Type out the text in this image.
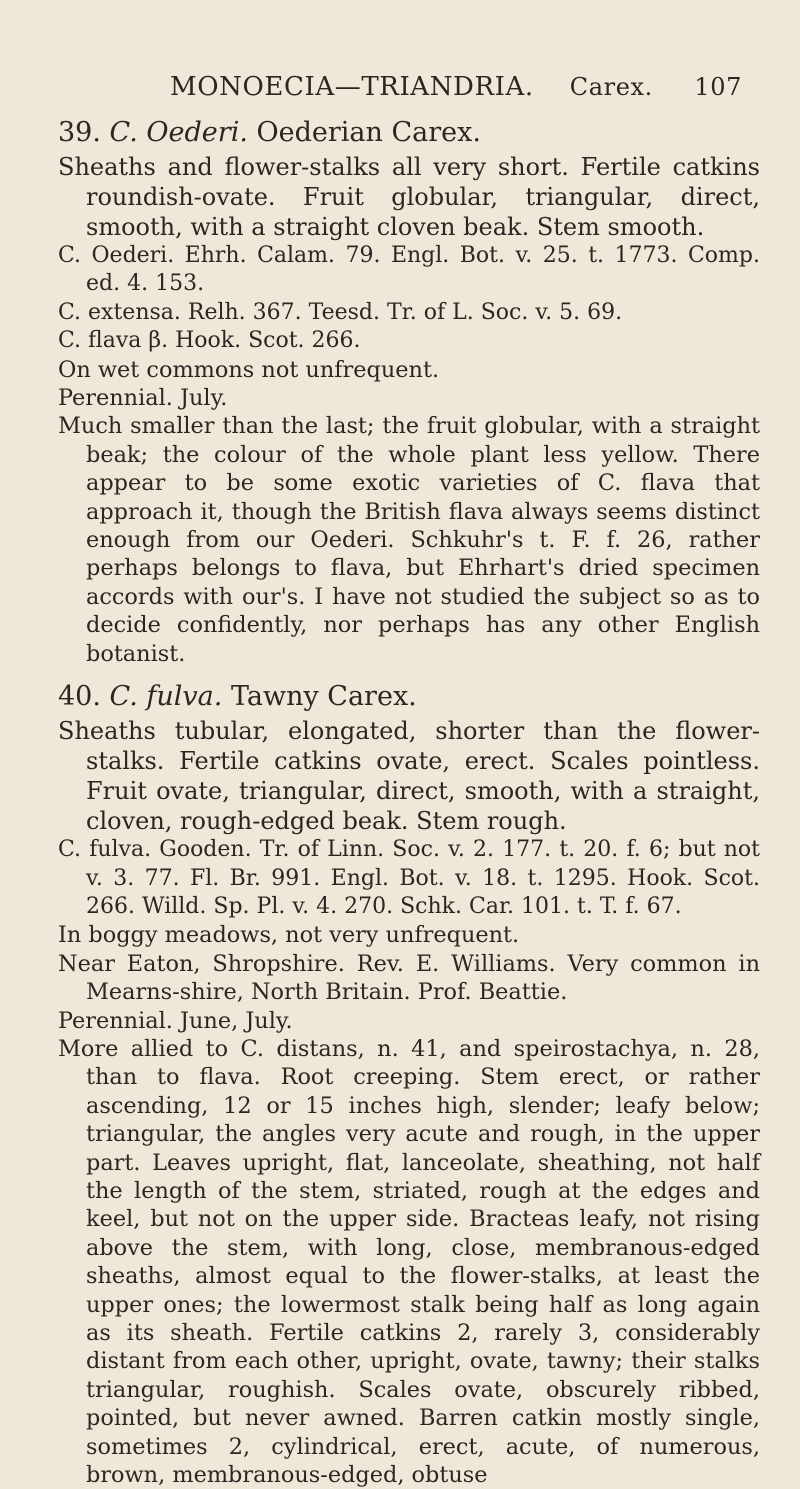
MONOECIA—TRIANDRIA. Carex. 107

39. C. Oederi. Oederian Carex.

Sheaths and flower-stalks all very short. Fertile catkins roundish-ovate. Fruit globular, triangular, direct, smooth, with a straight cloven beak. Stem smooth.

C. Oederi. Ehrh. Calam. 79. Engl. Bot. v. 25. t. 1773. Comp. ed. 4. 153.

C. extensa. Relh. 367. Teesd. Tr. of L. Soc. v. 5. 69.

C. flava β. Hook. Scot. 266.

On wet commons not unfrequent.

Perennial. July.

Much smaller than the last; the fruit globular, with a straight beak; the colour of the whole plant less yellow. There appear to be some exotic varieties of C. flava that approach it, though the British flava always seems distinct enough from our Oederi. Schkuhr's t. F. f. 26, rather perhaps belongs to flava, but Ehrhart's dried specimen accords with our's. I have not studied the subject so as to decide confidently, nor perhaps has any other English botanist.

40. C. fulva. Tawny Carex.

Sheaths tubular, elongated, shorter than the flower-stalks. Fertile catkins ovate, erect. Scales pointless. Fruit ovate, triangular, direct, smooth, with a straight, cloven, rough-edged beak. Stem rough.

C. fulva. Gooden. Tr. of Linn. Soc. v. 2. 177. t. 20. f. 6; but not v. 3. 77. Fl. Br. 991. Engl. Bot. v. 18. t. 1295. Hook. Scot. 266. Willd. Sp. Pl. v. 4. 270. Schk. Car. 101. t. T. f. 67.

In boggy meadows, not very unfrequent.

Near Eaton, Shropshire. Rev. E. Williams. Very common in Mearns-shire, North Britain. Prof. Beattie.

Perennial. June, July.

More allied to C. distans, n. 41, and speirostachya, n. 28, than to flava. Root creeping. Stem erect, or rather ascending, 12 or 15 inches high, slender; leafy below; triangular, the angles very acute and rough, in the upper part. Leaves upright, flat, lanceolate, sheathing, not half the length of the stem, striated, rough at the edges and keel, but not on the upper side. Bracteas leafy, not rising above the stem, with long, close, membranous-edged sheaths, almost equal to the flower-stalks, at least the upper ones; the lowermost stalk being half as long again as its sheath. Fertile catkins 2, rarely 3, considerably distant from each other, upright, ovate, tawny; their stalks triangular, roughish. Scales ovate, obscurely ribbed, pointed, but never awned. Barren catkin mostly single, sometimes 2, cylindrical, erect, acute, of numerous, brown, membranous-edged, obtuse
